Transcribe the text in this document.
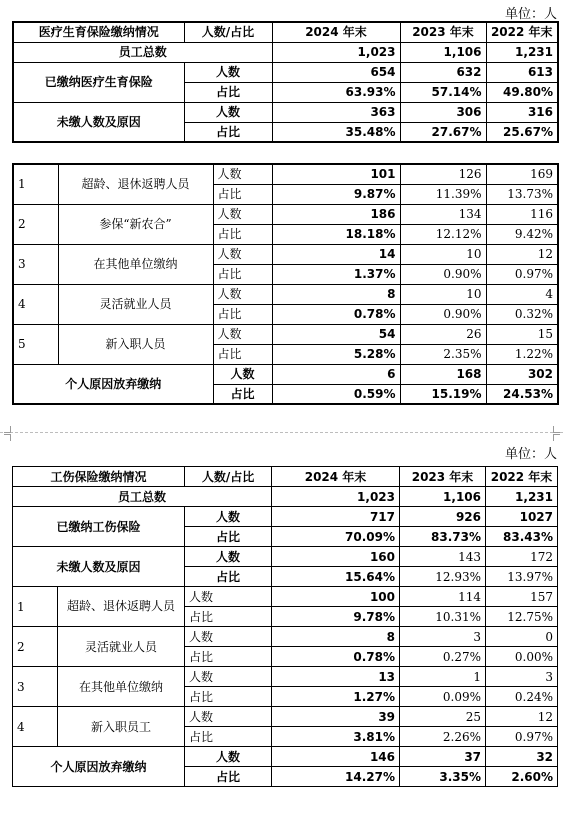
单位：人
医疗生育保险缴纳情况	人数/占比	2024 年末	2023 年末	2022 年末
员工总数		1,023	1,106	1,231
已缴纳医疗生育保险	人数	654	632	613
	占比	63.93%	57.14%	49.80%
未缴人数及原因	人数	363	306	316
	占比	35.48%	27.67%	25.67%
1	超龄、退休返聘人员	人数	101	126	169
		占比	9.87%	11.39%	13.73%
2	参保“新农合”	人数	186	134	116
		占比	18.18%	12.12%	9.42%
3	在其他单位缴纳	人数	14	10	12
		占比	1.37%	0.90%	0.97%
4	灵活就业人员	人数	8	10	4
		占比	0.78%	0.90%	0.32%
5	新入职人员	人数	54	26	15
		占比	5.28%	2.35%	1.22%
个人原因放弃缴纳		人数	6	168	302
		占比	0.59%	15.19%	24.53%
单位：人
工伤保险缴纳情况		人数/占比	2024 年末	2023 年末	2022 年末
员工总数			1,023	1,106	1,231
已缴纳工伤保险		人数	717	926	1027
		占比	70.09%	83.73%	83.43%
未缴人数及原因		人数	160	143	172
		占比	15.64%	12.93%	13.97%
1	超龄、退休返聘人员	人数	100	114	157
		占比	9.78%	10.31%	12.75%
2	灵活就业人员	人数	8	3	0
		占比	0.78%	0.27%	0.00%
3	在其他单位缴纳	人数	13	1	3
		占比	1.27%	0.09%	0.24%
4	新入职员工	人数	39	25	12
		占比	3.81%	2.26%	0.97%
个人原因放弃缴纳		人数	146	37	32
		占比	14.27%	3.35%	2.60%
